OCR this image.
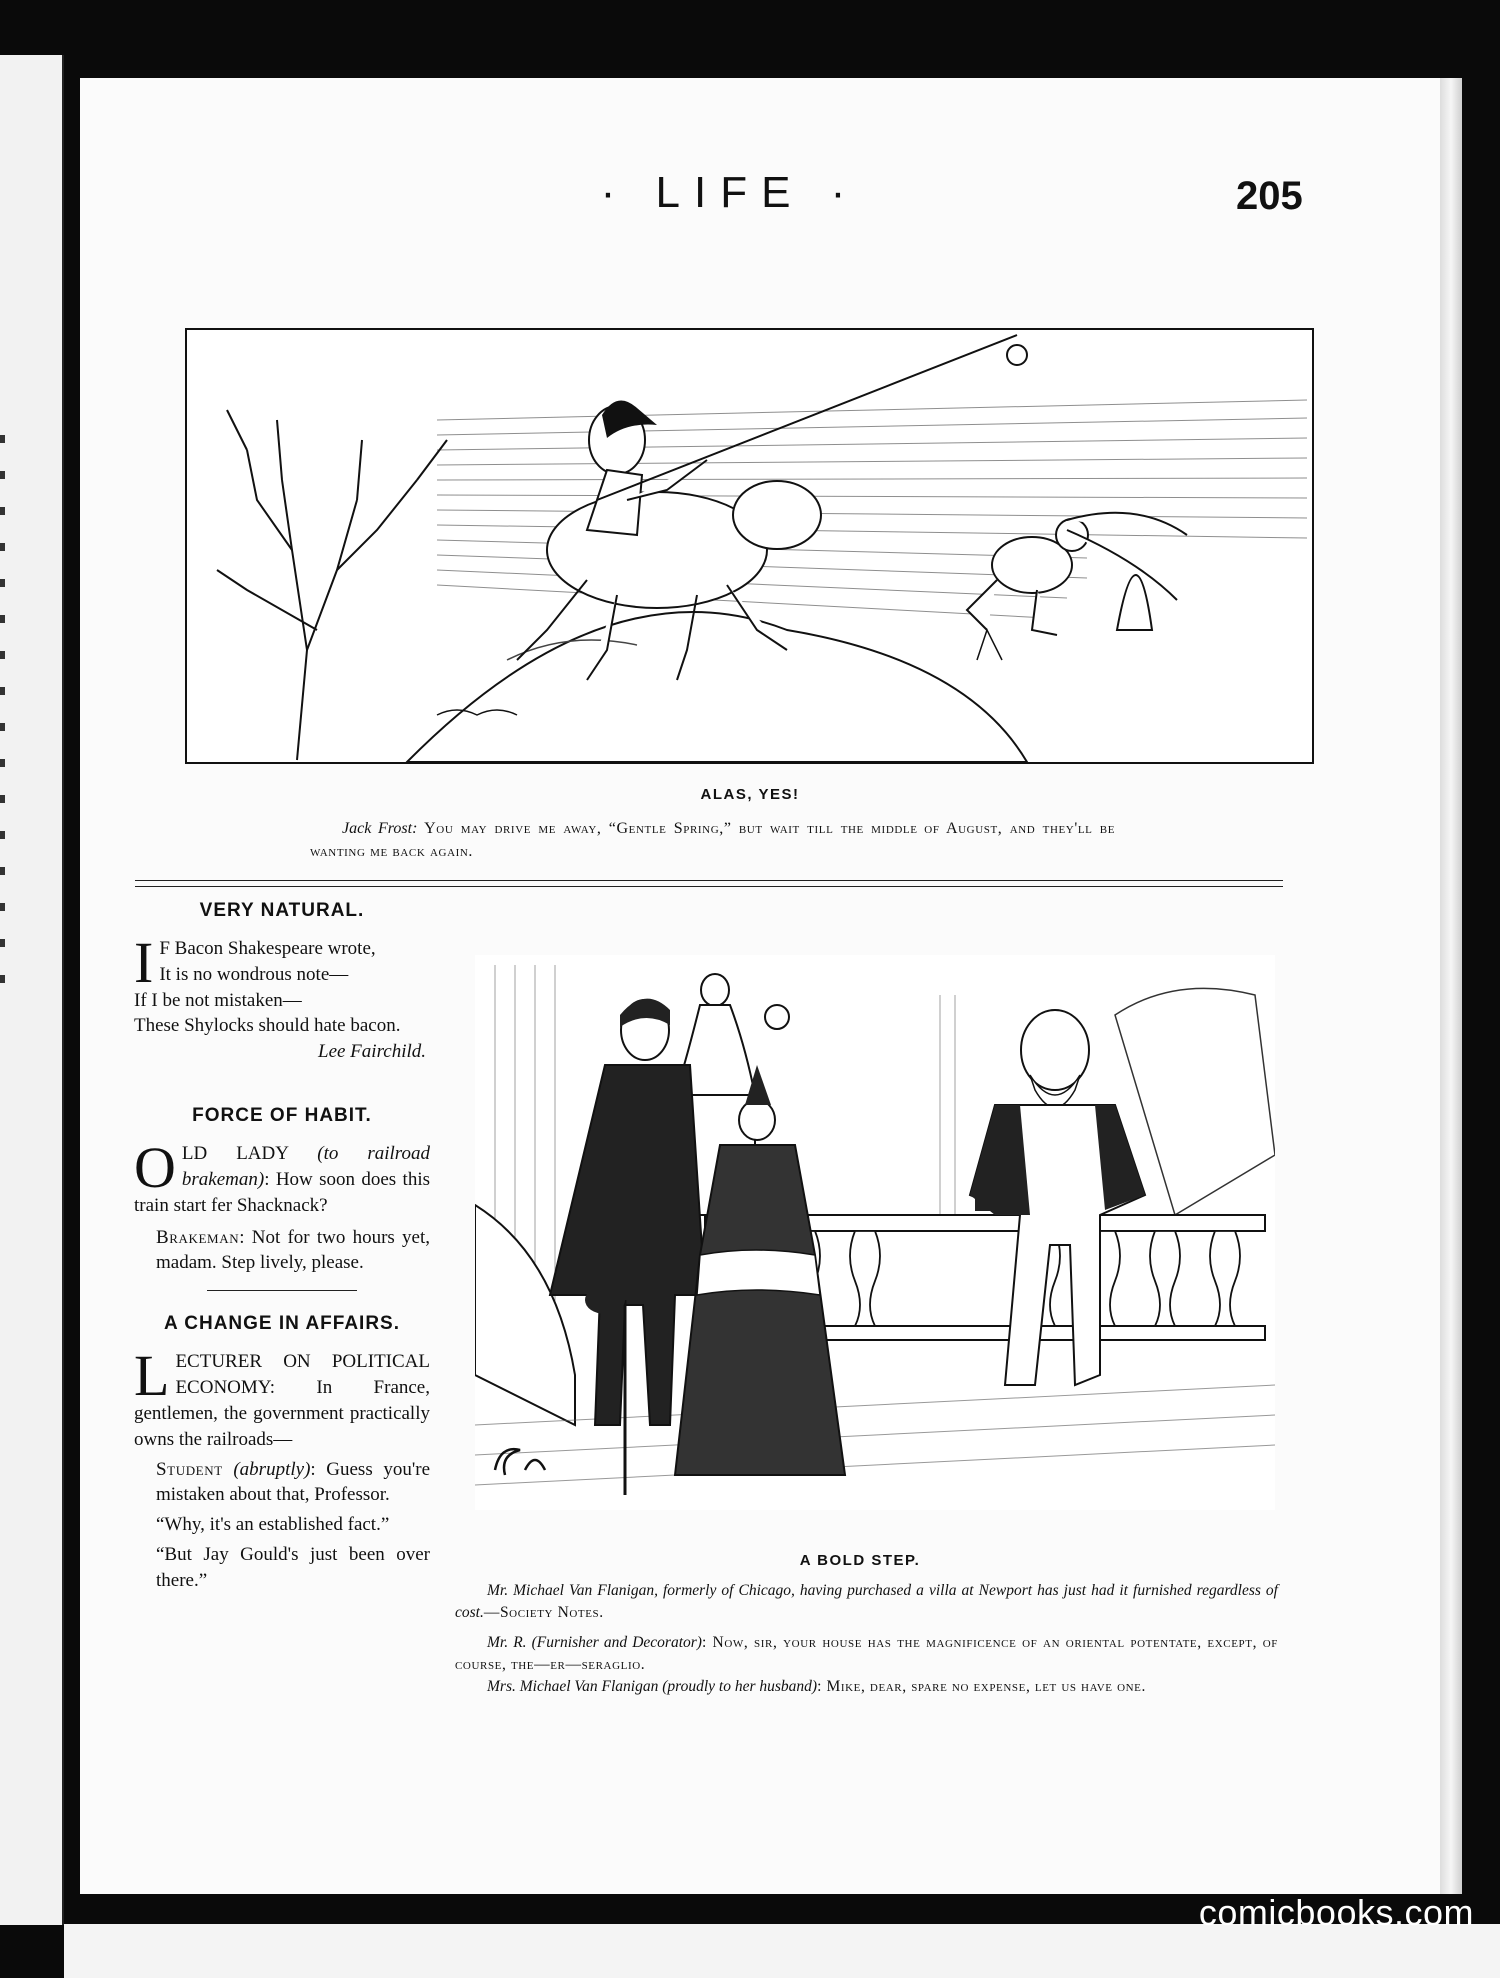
· LIFE ·	205
ALAS, YES!
Jack Frost: You may drive me away, “Gentle Spring,” but wait till the middle of August, and they'll be wanting me back again.
VERY NATURAL.
I F Bacon Shakespeare wrote,
It is no wondrous note—
If I be not mistaken—
These Shylocks should hate bacon.
Lee Fairchild.
FORCE OF HABIT.

OLD LADY (to railroad brakeman): How soon does this train start fer Shacknack?

Brakeman: Not for two hours yet, madam. Step lively, please.

A CHANGE IN AFFAIRS.

LECTURER ON POLITICAL ECONOMY: In France, gentlemen, the government practically owns the railroads—

Student (abruptly): Guess you're mistaken about that, Professor.

“Why, it's an established fact.”

“But Jay Gould's just been over there.”

A BOLD STEP.
Mr. Michael Van Flanigan, formerly of Chicago, having purchased a villa at Newport has just had it furnished regardless of cost.—Society Notes.
Mr. R. (Furnisher and Decorator): Now, sir, your house has the magnificence of an oriental potentate, except, of course, the—er—seraglio.
Mrs. Michael Van Flanigan (proudly to her husband): Mike, dear, spare no expense, let us have one.
comicbooks.com
